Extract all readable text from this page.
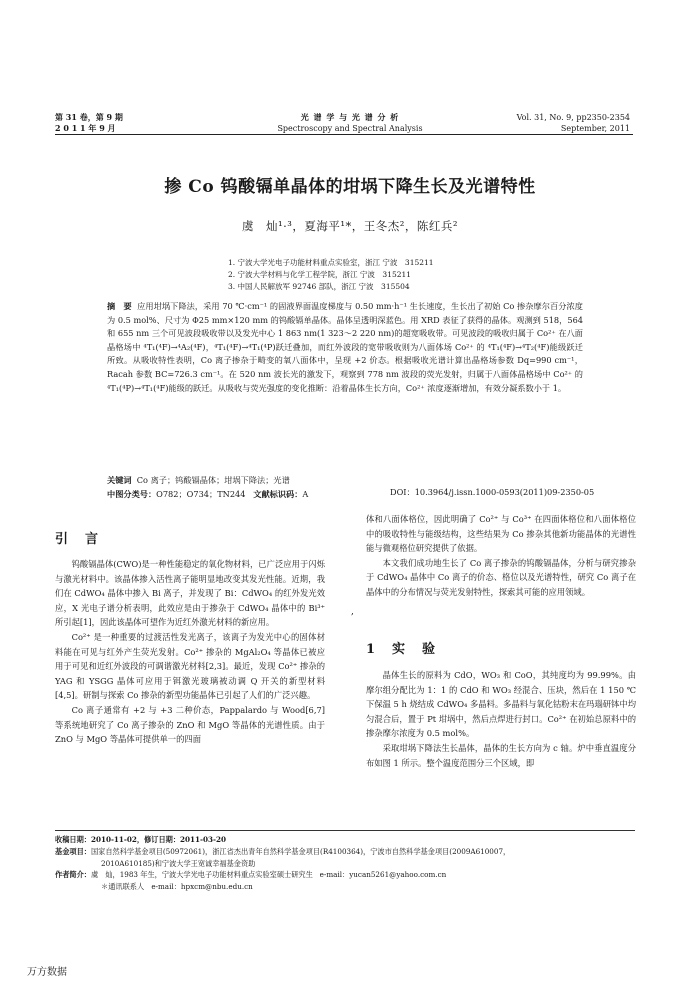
第 31 卷，第 9 期
2 0 1 1 年 9 月
光 谱 学 与 光 谱 分 析
Spectroscopy and Spectral Analysis
Vol. 31, No. 9, pp2350-2354
September, 2011
掺 Co 钨酸镉单晶体的坩埚下降生长及光谱特性
虞　灿¹·³，夏海平¹*，王冬杰²，陈红兵²
1. 宁波大学光电子功能材料重点实验室，浙江 宁波　315211
2. 宁波大学材料与化学工程学院，浙江 宁波　315211
3. 中国人民解放军 92746 部队，浙江 宁波　315504
摘　要 应用坩埚下降法，采用 70 ℃·cm⁻¹ 的固液界面温度梯度与 0.50 mm·h⁻¹ 生长速度，生长出了初始 Co 掺杂摩尔百分浓度为 0.5 mol%、尺寸为 Φ25 mm×120 mm 的钨酸镉单晶体。晶体呈透明深蓝色。用 XRD 表征了获得的晶体。观测到 518，564 和 655 nm 三个可见波段吸收带以及发光中心 1 863 nm(1 323～2 220 nm)的超宽吸收带。可见波段的吸收归属于 Co²⁺ 在八面晶格场中 ⁴T₁(⁴F)→⁴A₂(⁴F)，⁴T₁(⁴F)→⁴T₁(⁴P)跃迁叠加，而红外波段的宽带吸收则为八面体场 Co²⁺ 的 ⁴T₁(⁴F)→⁴T₂(⁴F)能级跃迁所致。从吸收特性表明，Co 离子掺杂于畸变的氧八面体中，呈现 +2 价态。根据吸收光谱计算出晶格场参数 Dq=990 cm⁻¹，Racah 参数 BC=726.3 cm⁻¹。在 520 nm 波长光的激发下，观察到 778 nm 波段的荧光发射，归属于八面体晶格场中 Co²⁺ 的 ⁴T₁(⁴P)→⁴T₁(⁴F)能级的跃迁。从吸收与荧光强度的变化推断：沿着晶体生长方向，Co²⁺ 浓度逐渐增加，有效分凝系数小于 1。
关键词 Co 离子；钨酸镉晶体；坩埚下降法；光谱
中图分类号：O782；O734；TN244 文献标识码：A	DOI：10.3964/j.issn.1000-0593(2011)09-2350-05

体和八面体格位，因此明确了 Co²⁺ 与 Co³⁺ 在四面体格位和八面体格位中的吸收特性与能级结构，这些结果为 Co 掺杂其他新功能晶体的光谱性能与微观格位研究提供了依据。

本文我们成功地生长了 Co 离子掺杂的钨酸镉晶体，分析与研究掺杂于 CdWO₄ 晶体中 Co 离子的价态、格位以及光谱特性，研究 Co 离子在晶体中的分布情况与荧光发射特性，探索其可能的应用领域。

引　言

钨酸镉晶体(CWO)是一种性能稳定的氧化物材料，已广泛应用于闪烁与激光材料中。该晶体掺入活性离子能明显地改变其发光性能。近期，我们在 CdWO₄ 晶体中掺入 Bi 离子，并发现了 Bi：CdWO₄ 的红外发光效应，X 光电子谱分析表明，此效应是由于掺杂于 CdWO₄ 晶体中的 Bi³⁺ 所引起[1]，因此该晶体可望作为近红外激光材料的新应用。

Co²⁺ 是一种重要的过渡活性发光离子，该离子为发光中心的固体材料能在可见与红外产生荧光发射。Co²⁺ 掺杂的 MgAl₂O₄ 等晶体已被应用于可见和近红外波段的可调谐激光材料[2,3]。最近，发现 Co²⁺ 掺杂的 YAG 和 YSGG 晶体可应用于铒激光玻璃被动调 Q 开关的新型材料[4,5]。研制与探索 Co 掺杂的新型功能晶体已引起了人们的广泛兴趣。

Co 离子通常有 +2 与 +3 二种价态，Pappalardo 与 Wood[6,7] 等系统地研究了 Co 离子掺杂的 ZnO 和 MgO 等晶体的光谱性质。由于 ZnO 与 MgO 等晶体可提供单一的四面

,
1　实　验

晶体生长的原料为 CdO，WO₃ 和 CoO，其纯度均为 99.99%。由摩尔组分配比为 1：1 的 CdO 和 WO₃ 经混合、压块，然后在 1 150 ℃下保温 5 h 烧结成 CdWO₄ 多晶料。多晶料与氧化钴粉末在玛瑙研钵中均匀混合后，置于 Pt 坩埚中，然后点焊进行封口。Co²⁺ 在初始总原料中的掺杂摩尔浓度为 0.5 mol%。

采取坩埚下降法生长晶体，晶体的生长方向为 c 轴。炉中垂直温度分布如图 1 所示。整个温度范围分三个区域，即

收稿日期：2010-11-02，修订日期：2011-03-20

基金项目：国家自然科学基金项目(50972061)，浙江省杰出青年自然科学基金项目(R4100364)，宁波市自然科学基金项目(2009A610007，

2010A610185)和宁波大学王宽诚幸福基金资助

作者简介：虞　灿，1983 年生，宁波大学光电子功能材料重点实验室硕士研究生 e-mail：yucan5261@yahoo.com.cn

＊通讯联系人　e-mail：hpxcm@nbu.edu.cn

万方数据
